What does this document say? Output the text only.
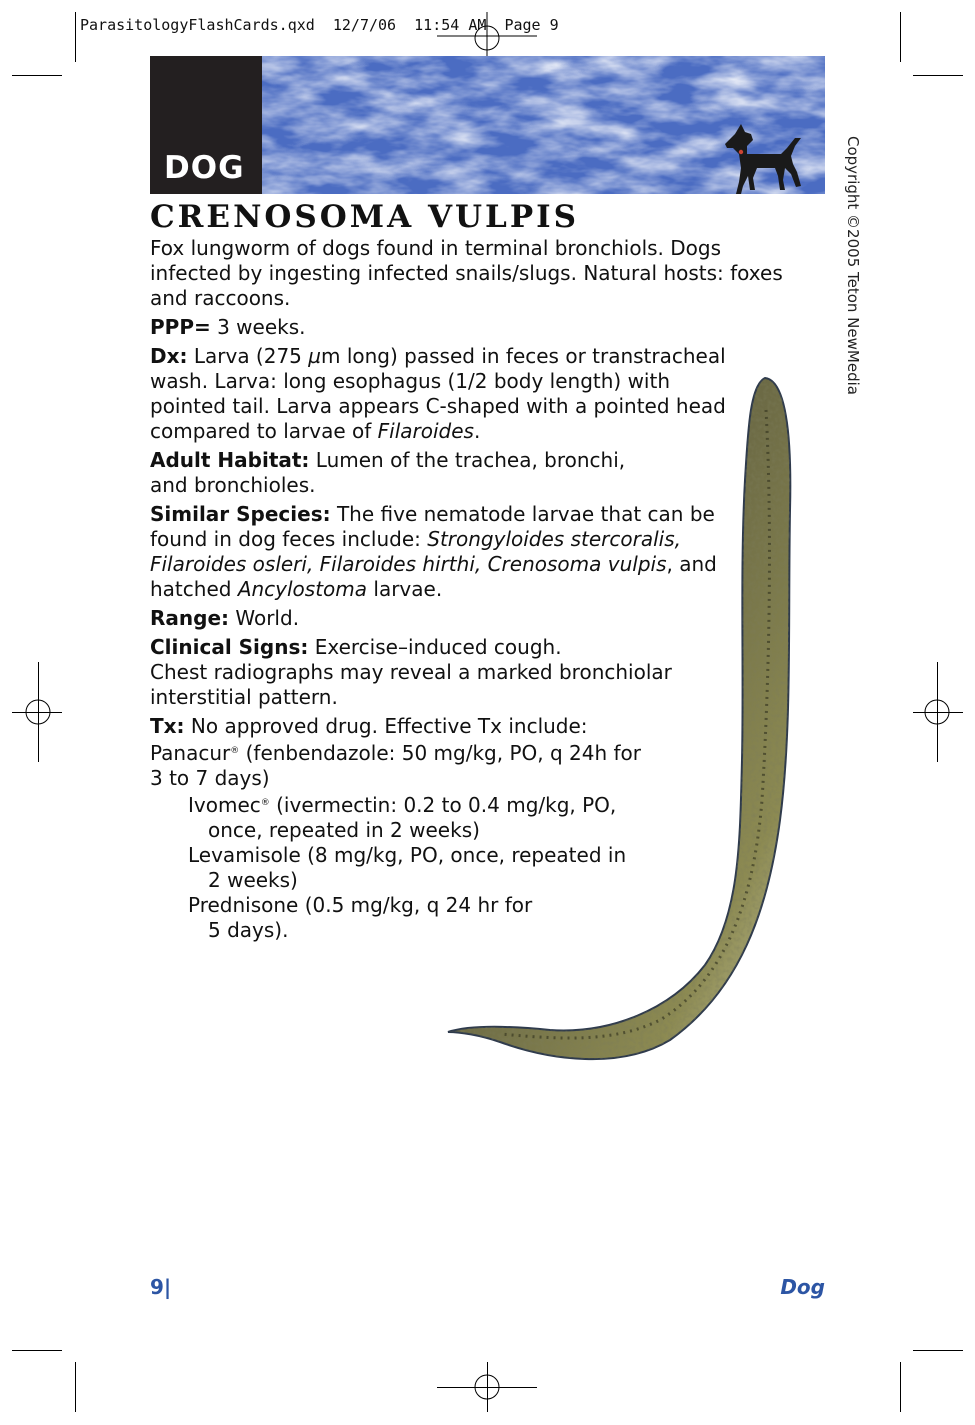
ParasitologyFlashCards.qxd  12/7/06  11:54 AM  Page 9
DOG
CRENOSOMA VULPIS

Fox lungworm of dogs found in terminal bronchiols. Dogs
infected by ingesting infected snails/slugs. Natural hosts: foxes
and raccoons.

PPP= 3 weeks.

Dx: Larva (275 µm long) passed in feces or transtracheal wash. Larva: long esophagus (1/2 body length) with pointed tail. Larva appears C-shaped with a pointed head compared to larvae of Filaroides.

Adult Habitat: Lumen of the trachea, bronchi,
and bronchioles.

Similar Species: The five nematode larvae that can be found in dog feces include: Strongyloides stercoralis, Filaroides osleri, Filaroides hirthi, Crenosoma vulpis, and hatched Ancylostoma larvae.

Range: World.

Clinical Signs: Exercise–induced cough.
Chest radiographs may reveal a marked bronchiolar
interstitial pattern.

Tx: No approved drug. Effective Tx include:
Panacur® (fenbendazole: 50 mg/kg, PO, q 24h for
3 to 7 days)

Ivomec® (ivermectin: 0.2 to 0.4 mg/kg, PO,
once, repeated in 2 weeks)
Levamisole (8 mg/kg, PO, once, repeated in
2 weeks)
Prednisone (0.5 mg/kg, q 24 hr for
5 days).
Copyright ©2005 Teton NewMedia
9|	Dog
